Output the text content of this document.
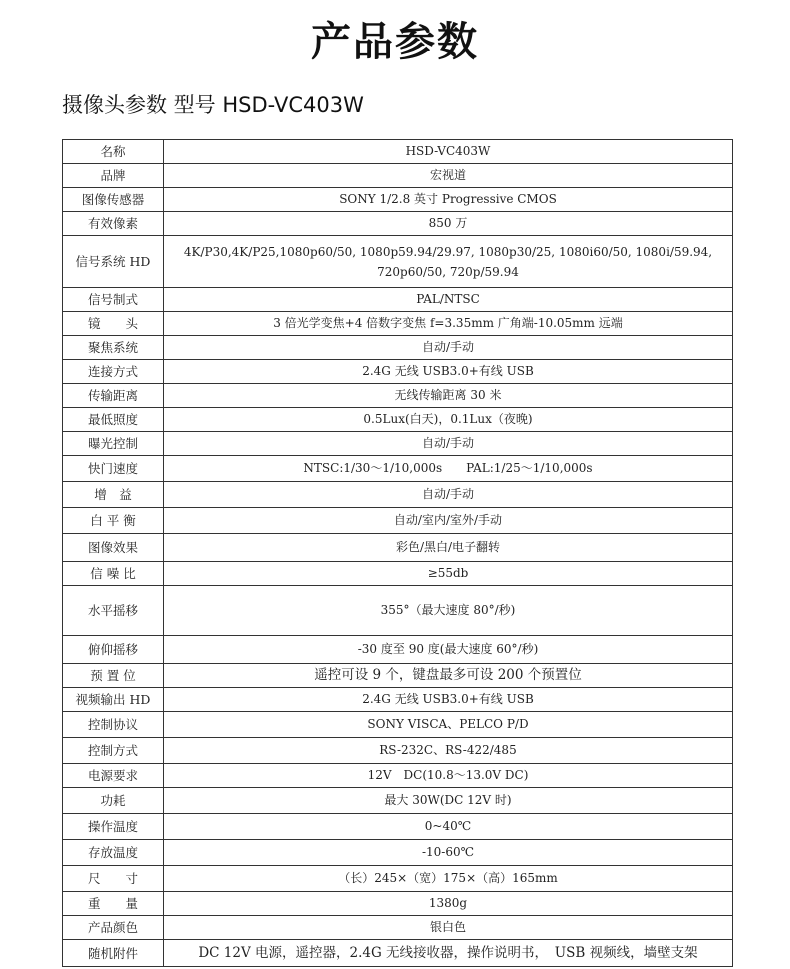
产品参数
摄像头参数 型号 HSD-VC403W
名称	HSD-VC403W
品牌	宏视道
图像传感器	SONY 1/2.8 英寸 Progressive CMOS
有效像素	850 万
信号系统 HD	4K/P30,4K/P25,1080p60/50, 1080p59.94/29.97, 1080p30/25, 1080i60/50, 1080i/59.94, 720p60/50, 720p/59.94
信号制式	PAL/NTSC
镜　　头	3 倍光学变焦+4 倍数字变焦 f=3.35mm 广角端-10.05mm 远端
聚焦系统	自动/手动
连接方式	2.4G 无线 USB3.0+有线 USB
传输距离	无线传输距离 30 米
最低照度	0.5Lux(白天)，0.1Lux（夜晚)
曝光控制	自动/手动
快门速度	NTSC:1/30～1/10,000s　　PAL:1/25～1/10,000s
增　益	自动/手动
白 平 衡	自动/室内/室外/手动
图像效果	彩色/黑白/电子翻转
信 噪 比	≥55db
水平摇移	355°（最大速度 80°/秒)
俯仰摇移	-30 度至 90 度(最大速度 60°/秒)
预 置 位	遥控可设 9 个，键盘最多可设 200 个预置位
视频输出 HD	2.4G 无线 USB3.0+有线 USB
控制协议	SONY VISCA、PELCO P/D
控制方式	RS-232C、RS-422/485
电源要求	12V　DC(10.8～13.0V DC)
功耗	最大 30W(DC 12V 时)
操作温度	0~40℃
存放温度	-10-60℃
尺　　寸	（长）245×（宽）175×（高）165mm
重　　量	1380g
产品颜色	银白色
随机附件	DC 12V 电源，遥控器，2.4G 无线接收器，操作说明书，　USB 视频线，墙壁支架
